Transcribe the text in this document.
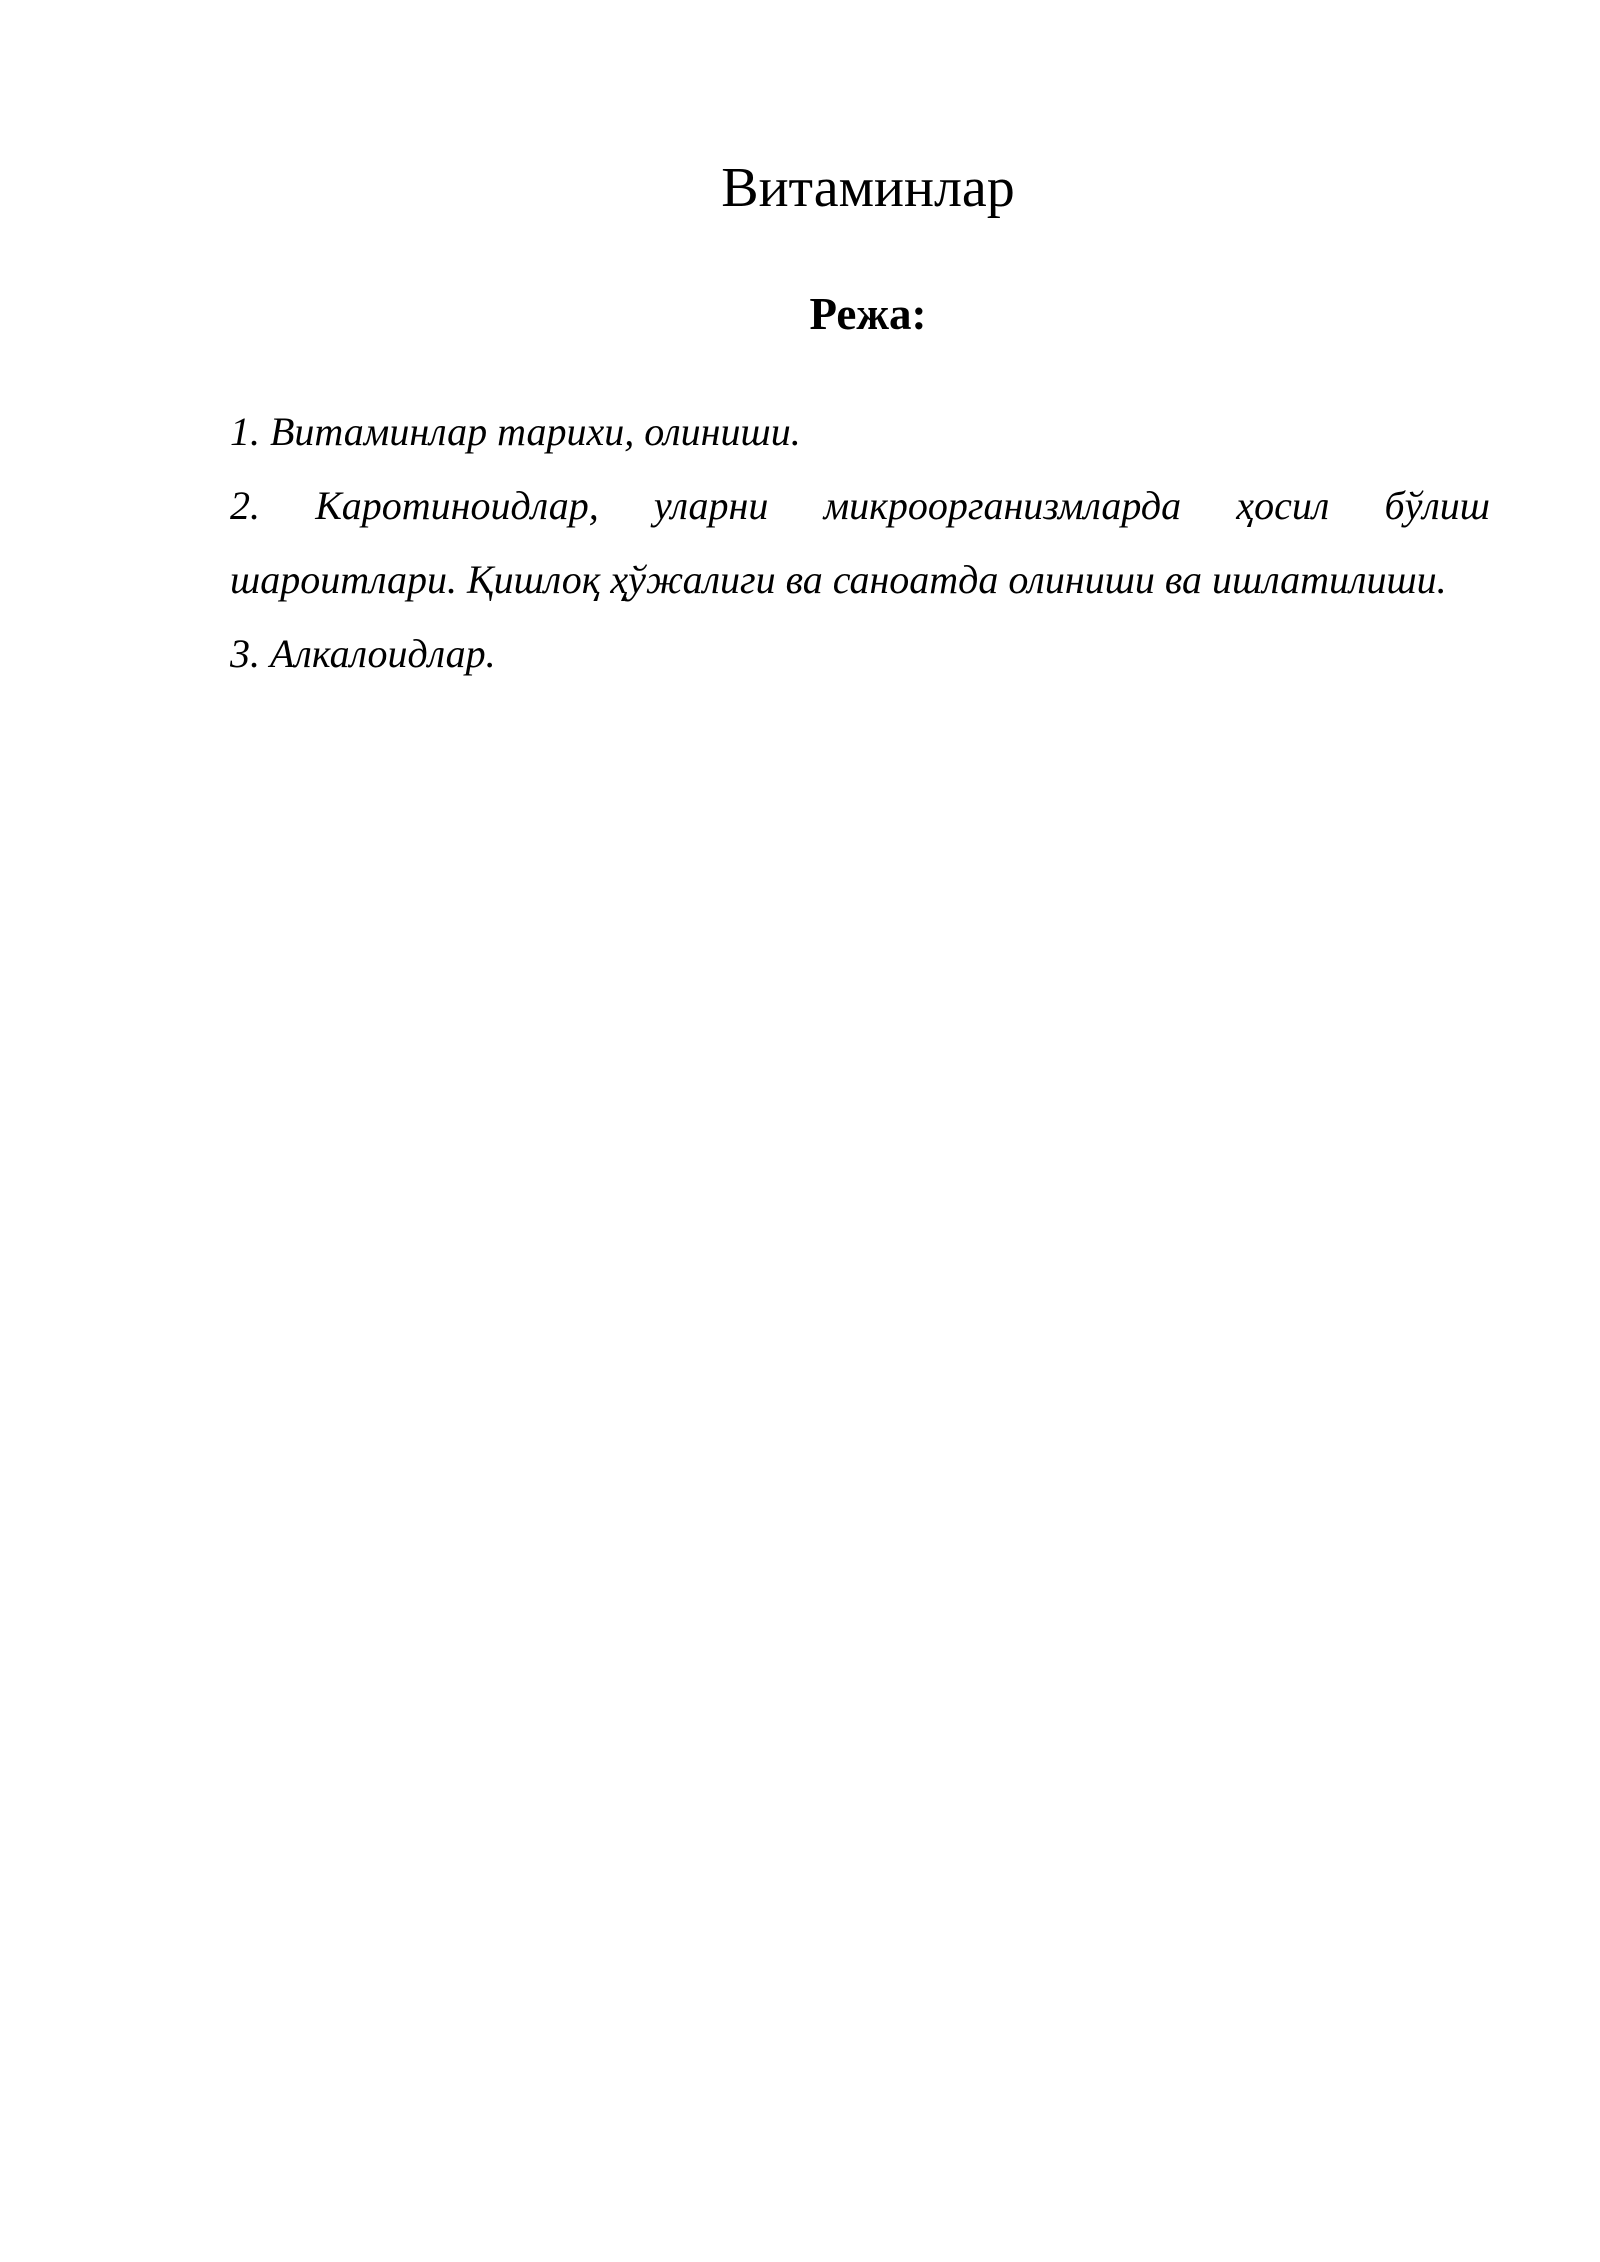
Витаминлар
Режа:
1. Витаминлар тарихи, олиниши.
2. Каротиноидлар, уларни микроорганизмларда ҳосил бўлиш шароитлари. Қишлоқ ҳўжалиги ва саноатда олиниши ва ишлатилиши.
3. Алкалоидлар.
